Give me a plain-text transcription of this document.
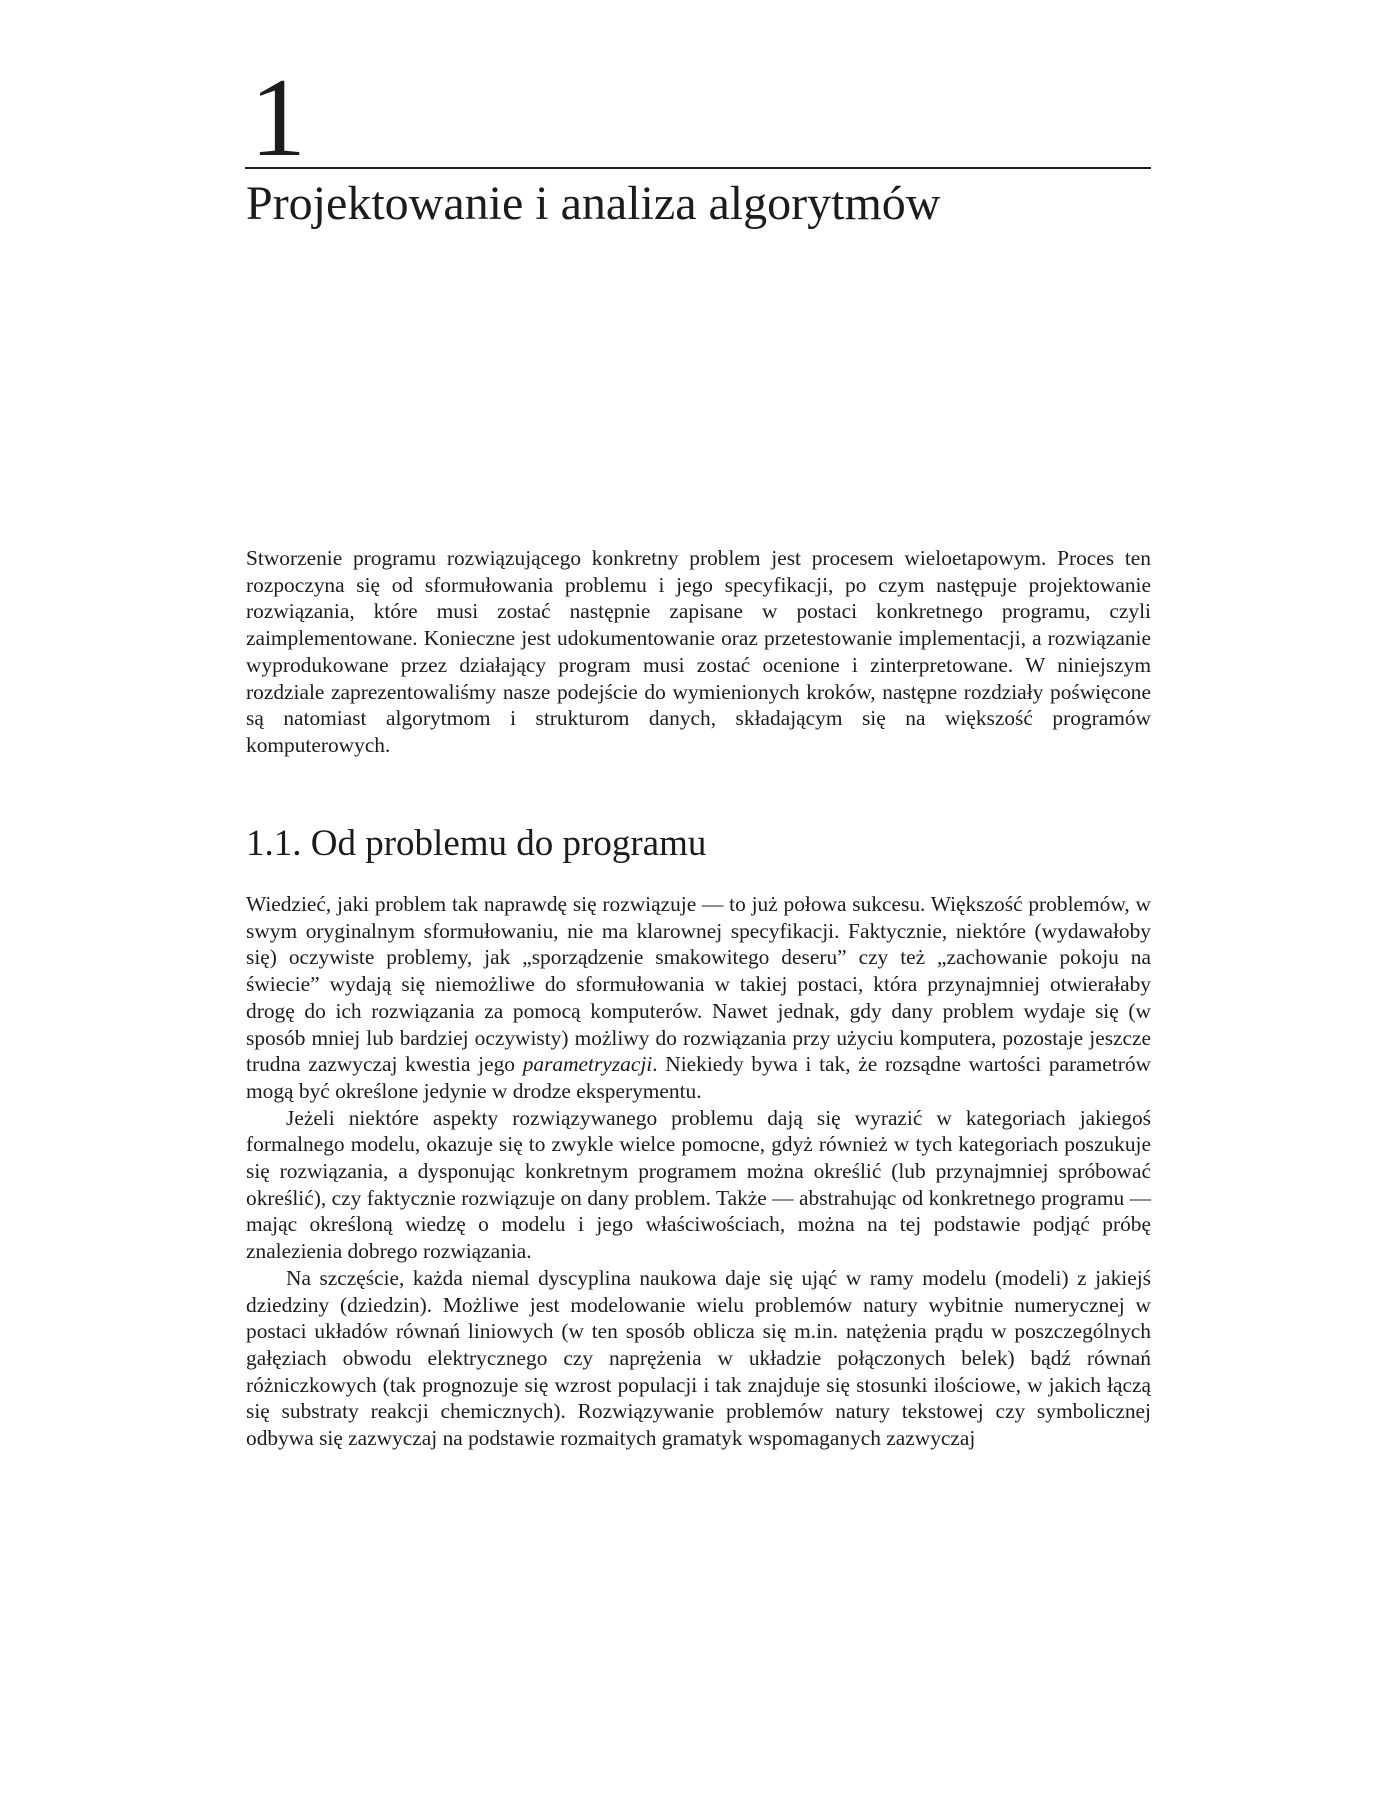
1
Projektowanie i analiza algorytmów

Stworzenie programu rozwiązującego konkretny problem jest procesem wieloetapowym. Proces ten rozpoczyna się od sformułowania problemu i jego specyfikacji, po czym następuje projektowanie rozwiązania, które musi zostać następnie zapisane w postaci konkretnego programu, czyli zaimplementowane. Konieczne jest udokumentowanie oraz przetestowanie implementacji, a rozwiązanie wyprodukowane przez działający program musi zostać ocenione i zinterpretowane. W niniejszym rozdziale zaprezentowaliśmy nasze podejście do wymienionych kroków, następne rozdziały poświęcone są natomiast algorytmom i strukturom danych, składającym się na większość programów komputerowych.

1.1. Od problemu do programu

Wiedzieć, jaki problem tak naprawdę się rozwiązuje — to już połowa sukcesu. Większość problemów, w swym oryginalnym sformułowaniu, nie ma klarownej specyfikacji. Faktycznie, niektóre (wydawałoby się) oczywiste problemy, jak „sporządzenie smakowitego deseru” czy też „zachowanie pokoju na świecie” wydają się niemożliwe do sformułowania w takiej postaci, która przynajmniej otwierałaby drogę do ich rozwiązania za pomocą komputerów. Nawet jednak, gdy dany problem wydaje się (w sposób mniej lub bardziej oczywisty) możliwy do rozwiązania przy użyciu komputera, pozostaje jeszcze trudna zazwyczaj kwestia jego parametryzacji. Niekiedy bywa i tak, że rozsądne wartości parametrów mogą być określone jedynie w drodze eksperymentu.

Jeżeli niektóre aspekty rozwiązywanego problemu dają się wyrazić w kategoriach jakiegoś formalnego modelu, okazuje się to zwykle wielce pomocne, gdyż również w tych kategoriach poszukuje się rozwiązania, a dysponując konkretnym programem można określić (lub przynajmniej spróbować określić), czy faktycznie rozwiązuje on dany problem. Także — abstrahując od konkretnego programu — mając określoną wiedzę o modelu i jego właściwościach, można na tej podstawie podjąć próbę znalezienia dobrego rozwiązania.

Na szczęście, każda niemal dyscyplina naukowa daje się ująć w ramy modelu (modeli) z jakiejś dziedziny (dziedzin). Możliwe jest modelowanie wielu problemów natury wybitnie numerycznej w postaci układów równań liniowych (w ten sposób oblicza się m.in. natężenia prądu w poszczególnych gałęziach obwodu elektrycznego czy naprężenia w układzie połączonych belek) bądź równań różniczkowych (tak prognozuje się wzrost populacji i tak znajduje się stosunki ilościowe, w jakich łączą się substraty reakcji chemicznych). Rozwiązywanie problemów natury tekstowej czy symbolicznej odbywa się zazwyczaj na podstawie rozmaitych gramatyk wspomaganych zazwyczaj
